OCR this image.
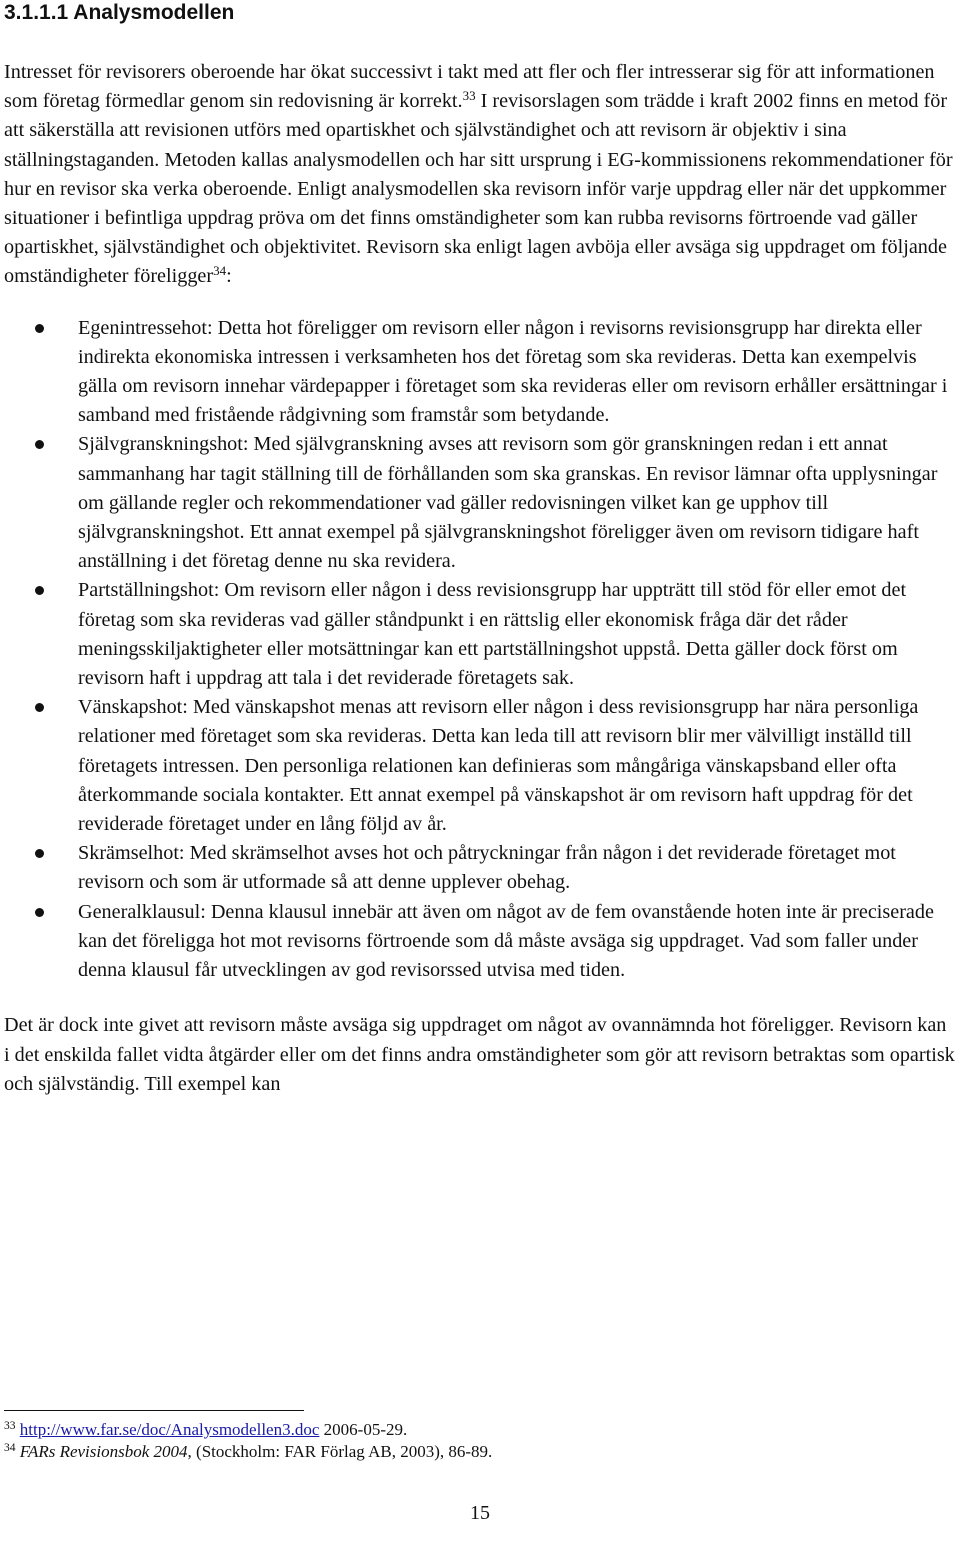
3.1.1.1 Analysmodellen

Intresset för revisorers oberoende har ökat successivt i takt med att fler och fler intresserar sig för att informationen som företag förmedlar genom sin redovisning är korrekt.$^{33}$ I revisorslagen som trädde i kraft 2002 finns en metod för att säkerställa att revisionen utförs med opartiskhet och självständighet och att revisorn är objektiv i sina ställningstaganden. Metoden kallas analysmodellen och har sitt ursprung i EG-kommissionens rekommendationer för hur en revisor ska verka oberoende. Enligt analysmodellen ska revisorn inför varje uppdrag eller när det uppkommer situationer i befintliga uppdrag pröva om det finns omständigheter som kan rubba revisorns förtroende vad gäller opartiskhet, självständighet och objektivitet. Revisorn ska enligt lagen avböja eller avsäga sig uppdraget om följande omständigheter föreligger$^{34}$:

Egenintressehot: Detta hot föreligger om revisorn eller någon i revisorns revisionsgrupp har direkta eller indirekta ekonomiska intressen i verksamheten hos det företag som ska revideras. Detta kan exempelvis gälla om revisorn innehar värdepapper i företaget som ska revideras eller om revisorn erhåller ersättningar i samband med fristående rådgivning som framstår som betydande.
Självgranskningshot: Med självgranskning avses att revisorn som gör granskningen redan i ett annat sammanhang har tagit ställning till de förhållanden som ska granskas. En revisor lämnar ofta upplysningar om gällande regler och rekommendationer vad gäller redovisningen vilket kan ge upphov till självgranskningshot. Ett annat exempel på självgranskningshot föreligger även om revisorn tidigare haft anställning i det företag denne nu ska revidera.
Partställningshot: Om revisorn eller någon i dess revisionsgrupp har uppträtt till stöd för eller emot det företag som ska revideras vad gäller ståndpunkt i en rättslig eller ekonomisk fråga där det råder meningsskiljaktigheter eller motsättningar kan ett partställningshot uppstå. Detta gäller dock först om revisorn haft i uppdrag att tala i det reviderade företagets sak.
Vänskapshot: Med vänskapshot menas att revisorn eller någon i dess revisionsgrupp har nära personliga relationer med företaget som ska revideras. Detta kan leda till att revisorn blir mer välvilligt inställd till företagets intressen. Den personliga relationen kan definieras som mångåriga vänskapsband eller ofta återkommande sociala kontakter. Ett annat exempel på vänskapshot är om revisorn haft uppdrag för det reviderade företaget under en lång följd av år.
Skrämselhot: Med skrämselhot avses hot och påtryckningar från någon i det reviderade företaget mot revisorn och som är utformade så att denne upplever obehag.
Generalklausul: Denna klausul innebär att även om något av de fem ovanstående hoten inte är preciserade kan det föreligga hot mot revisorns förtroende som då måste avsäga sig uppdraget. Vad som faller under denna klausul får utvecklingen av god revisorssed utvisa med tiden.

Det är dock inte givet att revisorn måste avsäga sig uppdraget om något av ovannämnda hot föreligger. Revisorn kan i det enskilda fallet vidta åtgärder eller om det finns andra omständigheter som gör att revisorn betraktas som opartisk och självständig. Till exempel kan

$^{33}$ http://www.far.se/doc/Analysmodellen3.doc 2006-05-29.

$^{34}$ FARs Revisionsbok 2004, (Stockholm: FAR Förlag AB, 2003), 86-89.

15
